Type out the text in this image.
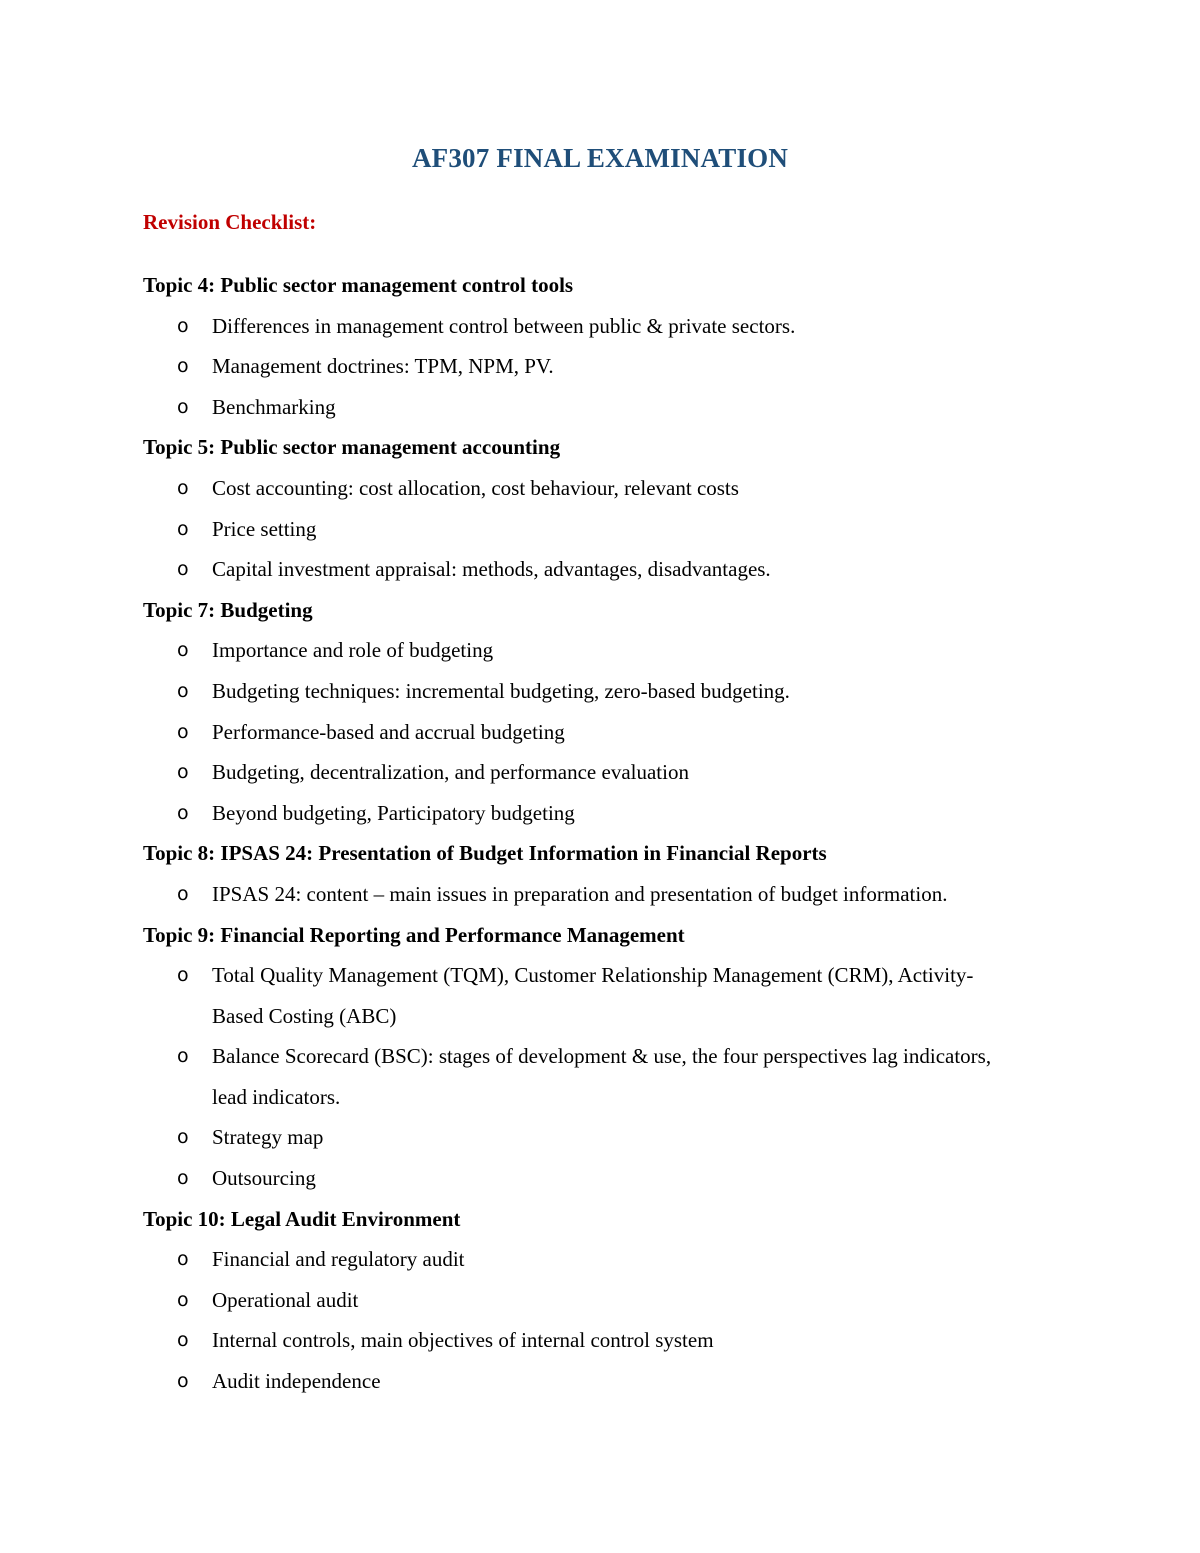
AF307 FINAL EXAMINATION
Revision Checklist:
Topic 4: Public sector management control tools
o Differences in management control between public & private sectors.
o Management doctrines: TPM, NPM, PV.
o Benchmarking
Topic 5: Public sector management accounting
o Cost accounting: cost allocation, cost behaviour, relevant costs
o Price setting
o Capital investment appraisal: methods, advantages, disadvantages.
Topic 7: Budgeting
o Importance and role of budgeting
o Budgeting techniques: incremental budgeting, zero-based budgeting.
o Performance-based and accrual budgeting
o Budgeting, decentralization, and performance evaluation
o Beyond budgeting, Participatory budgeting
Topic 8: IPSAS 24: Presentation of Budget Information in Financial Reports
o IPSAS 24: content – main issues in preparation and presentation of budget information.
Topic 9: Financial Reporting and Performance Management
o Total Quality Management (TQM), Customer Relationship Management (CRM), Activity-Based Costing (ABC)
o Balance Scorecard (BSC): stages of development & use, the four perspectives lag indicators, lead indicators.
o Strategy map
o Outsourcing
Topic 10: Legal Audit Environment
o Financial and regulatory audit
o Operational audit
o Internal controls, main objectives of internal control system
o Audit independence
